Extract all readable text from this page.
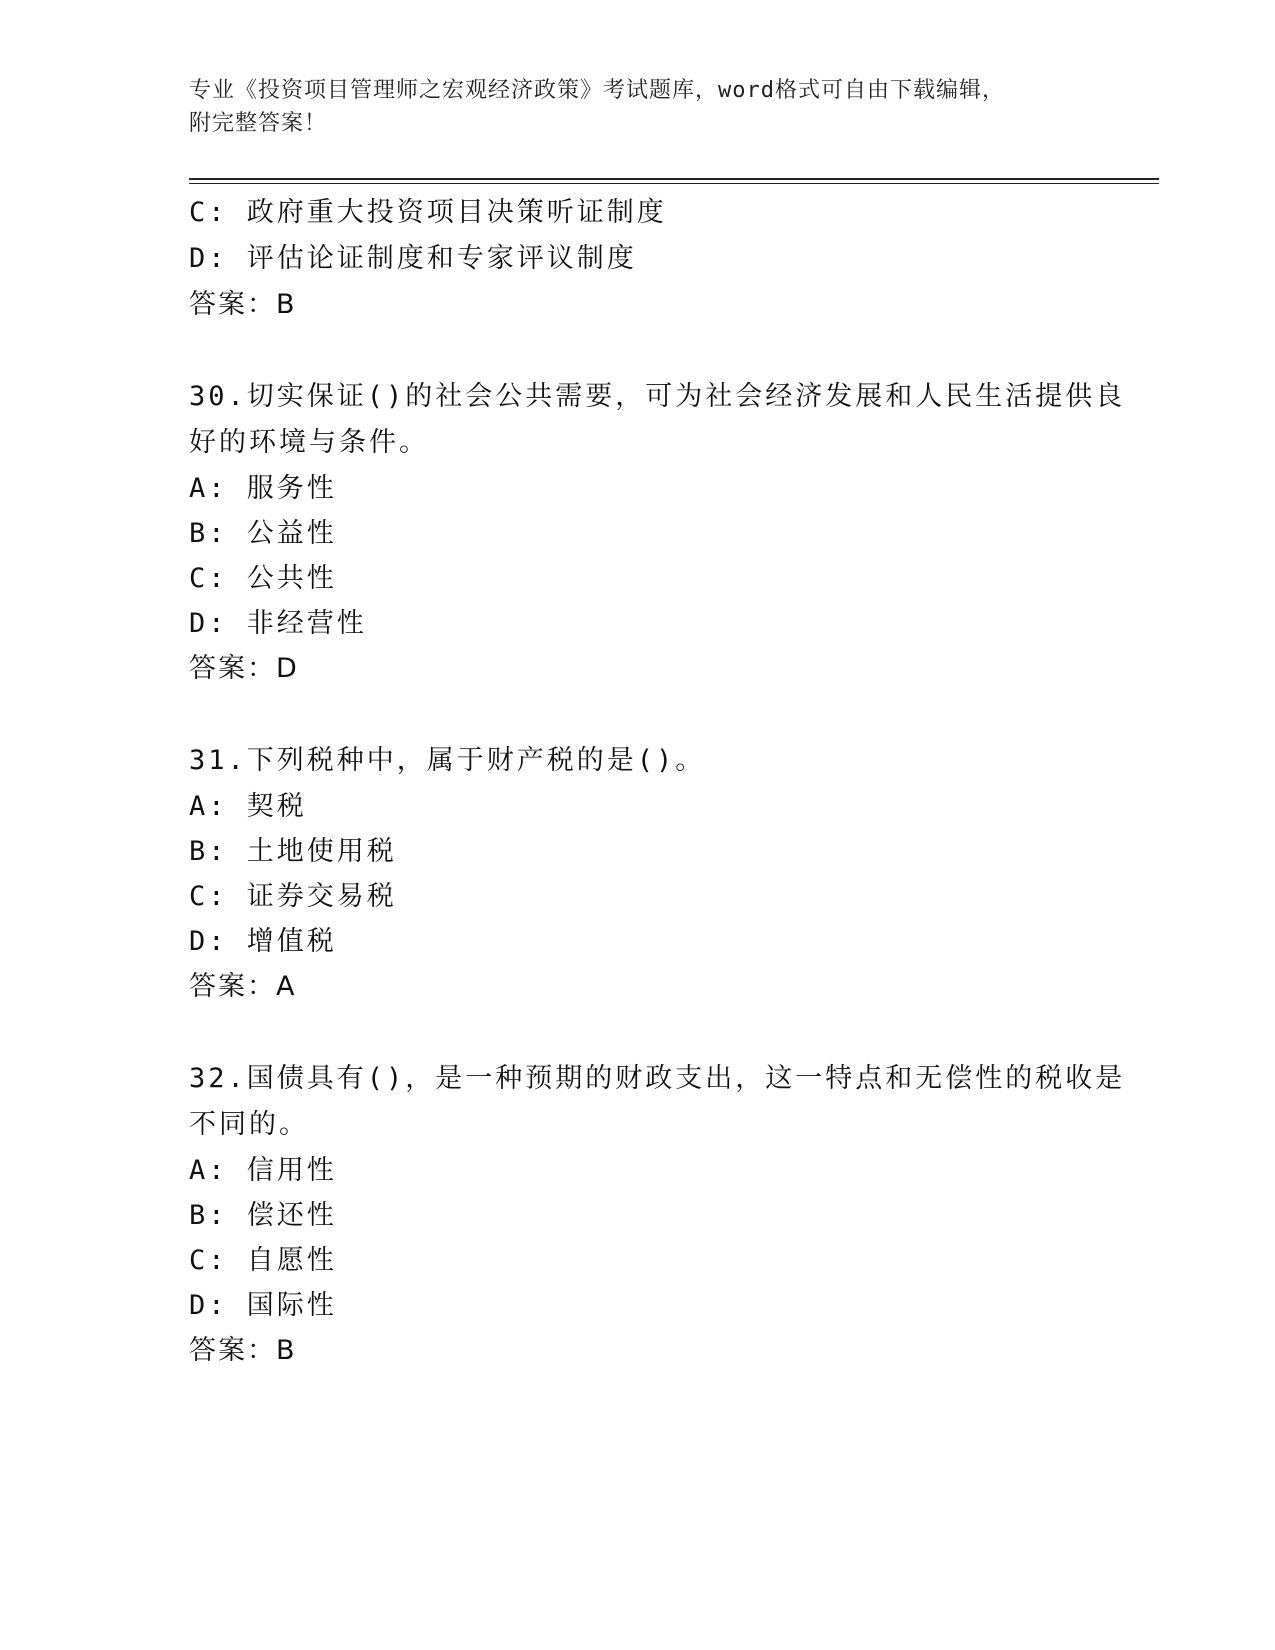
专业《投资项目管理师之宏观经济政策》考试题库，word格式可自由下载编辑，
附完整答案！
C: 政府重大投资项目决策听证制度
D: 评估论证制度和专家评议制度
答案：B
30.切实保证()的社会公共需要，可为社会经济发展和人民生活提供良
好的环境与条件。
A: 服务性
B: 公益性
C: 公共性
D: 非经营性
答案：D
31.下列税种中，属于财产税的是()。
A: 契税
B: 土地使用税
C: 证券交易税
D: 增值税
答案：A
32.国债具有()，是一种预期的财政支出，这一特点和无偿性的税收是
不同的。
A: 信用性
B: 偿还性
C: 自愿性
D: 国际性
答案：B
